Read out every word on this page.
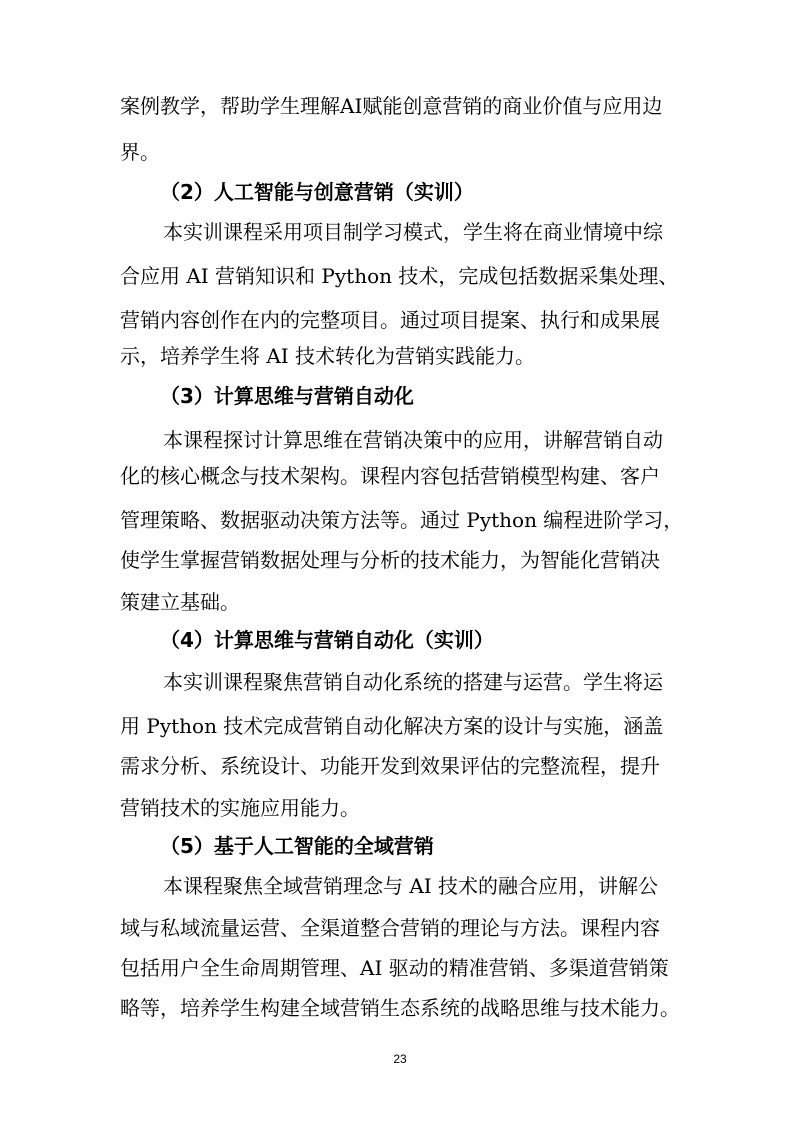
案例教学，帮助学生理解AI赋能创意营销的商业价值与应用边
界。
（2）人工智能与创意营销（实训）
本实训课程采用项目制学习模式，学生将在商业情境中综
合应用 AI 营销知识和 Python 技术，完成包括数据采集处理、
营销内容创作在内的完整项目。通过项目提案、执行和成果展
示，培养学生将 AI 技术转化为营销实践能力。
（3）计算思维与营销自动化
本课程探讨计算思维在营销决策中的应用，讲解营销自动
化的核心概念与技术架构。课程内容包括营销模型构建、客户
管理策略、数据驱动决策方法等。通过 Python 编程进阶学习，
使学生掌握营销数据处理与分析的技术能力，为智能化营销决
策建立基础。
（4）计算思维与营销自动化（实训）
本实训课程聚焦营销自动化系统的搭建与运营。学生将运
用 Python 技术完成营销自动化解决方案的设计与实施，涵盖
需求分析、系统设计、功能开发到效果评估的完整流程，提升
营销技术的实施应用能力。
（5）基于人工智能的全域营销
本课程聚焦全域营销理念与 AI 技术的融合应用，讲解公
域与私域流量运营、全渠道整合营销的理论与方法。课程内容
包括用户全生命周期管理、AI 驱动的精准营销、多渠道营销策
略等，培养学生构建全域营销生态系统的战略思维与技术能力。
23
